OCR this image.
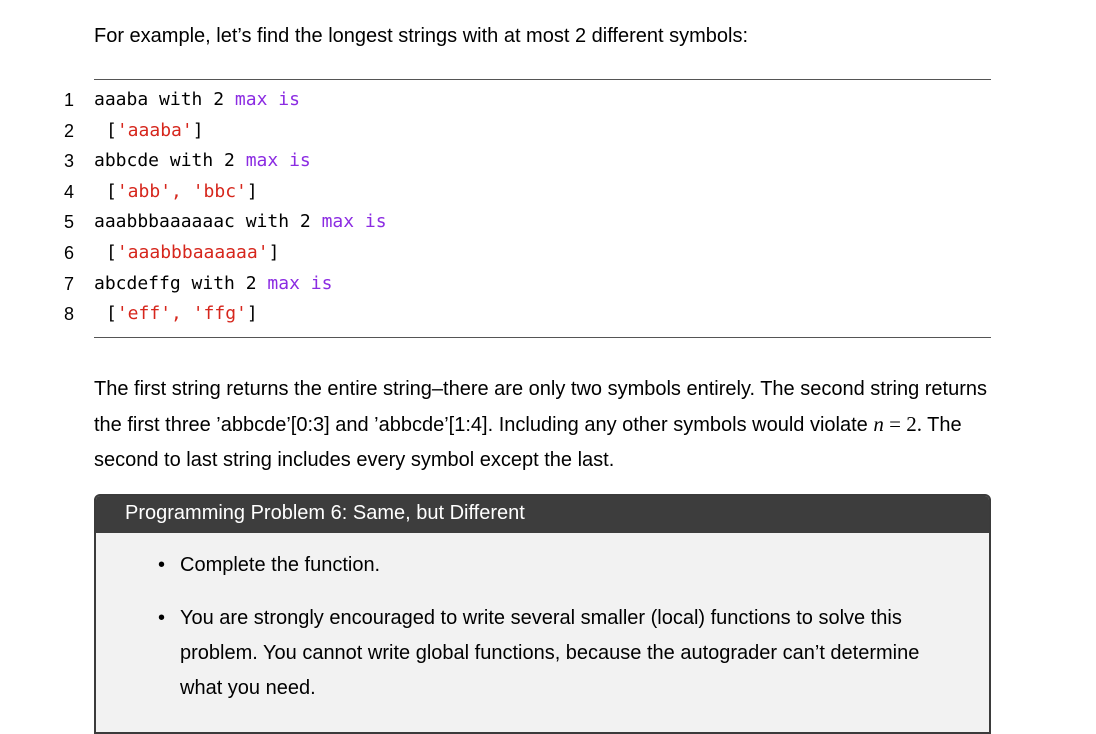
For example, let’s find the longest strings with at most 2 different symbols:
1 aaaba with 2 max is
2 ['aaaba']
3 abbcde with 2 max is
4 ['abb', 'bbc']
5 aaabbbaaaaaac with 2 max is
6 ['aaabbbaaaaaa']
7 abcdeffg with 2 max is
8 ['eff', 'ffg']
The first string returns the entire string–there are only two symbols entirely. The second string returns the first three ’abbcde’[0:3] and ’abbcde’[1:4]. Including any other symbols would violate n = 2. The second to last string includes every symbol except the last.
Programming Problem 6: Same, but Different
• Complete the function.
• You are strongly encouraged to write several smaller (local) functions to solve this problem. You cannot write global functions, because the autograder can’t determine what you need.
